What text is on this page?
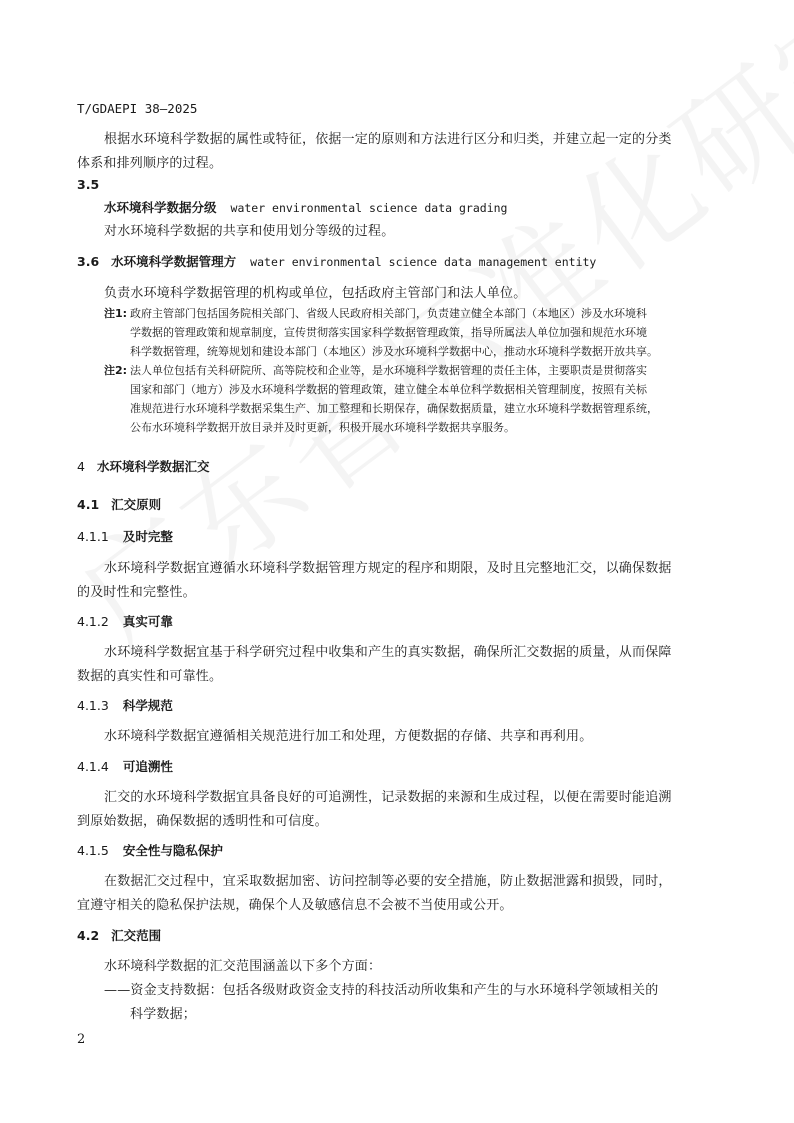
T/GDAEPI 38—2025
根据水环境科学数据的属性或特征，依据一定的原则和方法进行区分和归类，并建立起一定的分类
体系和排列顺序的过程。
3.5
水环境科学数据分级 water environmental science data grading
对水环境科学数据的共享和使用划分等级的过程。
3.6 水环境科学数据管理方 water environmental science data management entity
负责水环境科学数据管理的机构或单位，包括政府主管部门和法人单位。
注1: 政府主管部门包括国务院相关部门、省级人民政府相关部门，负责建立健全本部门（本地区）涉及水环境科
学数据的管理政策和规章制度，宣传贯彻落实国家科学数据管理政策，指导所属法人单位加强和规范水环境
科学数据管理，统筹规划和建设本部门（本地区）涉及水环境科学数据中心，推动水环境科学数据开放共享。
注2: 法人单位包括有关科研院所、高等院校和企业等，是水环境科学数据管理的责任主体，主要职责是贯彻落实
国家和部门（地方）涉及水环境科学数据的管理政策，建立健全本单位科学数据相关管理制度，按照有关标
准规范进行水环境科学数据采集生产、加工整理和长期保存，确保数据质量，建立水环境科学数据管理系统，
公布水环境科学数据开放目录并及时更新，积极开展水环境科学数据共享服务。
4 水环境科学数据汇交
4.1 汇交原则
4.1.1 及时完整
水环境科学数据宜遵循水环境科学数据管理方规定的程序和期限，及时且完整地汇交，以确保数据
的及时性和完整性。
4.1.2 真实可靠
水环境科学数据宜基于科学研究过程中收集和产生的真实数据，确保所汇交数据的质量，从而保障
数据的真实性和可靠性。
4.1.3 科学规范
水环境科学数据宜遵循相关规范进行加工和处理，方便数据的存储、共享和再利用。
4.1.4 可追溯性
汇交的水环境科学数据宜具备良好的可追溯性，记录数据的来源和生成过程，以便在需要时能追溯
到原始数据，确保数据的透明性和可信度。
4.1.5 安全性与隐私保护
在数据汇交过程中，宜采取数据加密、访问控制等必要的安全措施，防止数据泄露和损毁，同时，
宜遵守相关的隐私保护法规，确保个人及敏感信息不会被不当使用或公开。
4.2 汇交范围
水环境科学数据的汇交范围涵盖以下多个方面：
——资金支持数据：包括各级财政资金支持的科技活动所收集和产生的与水环境科学领域相关的
科学数据；
2
